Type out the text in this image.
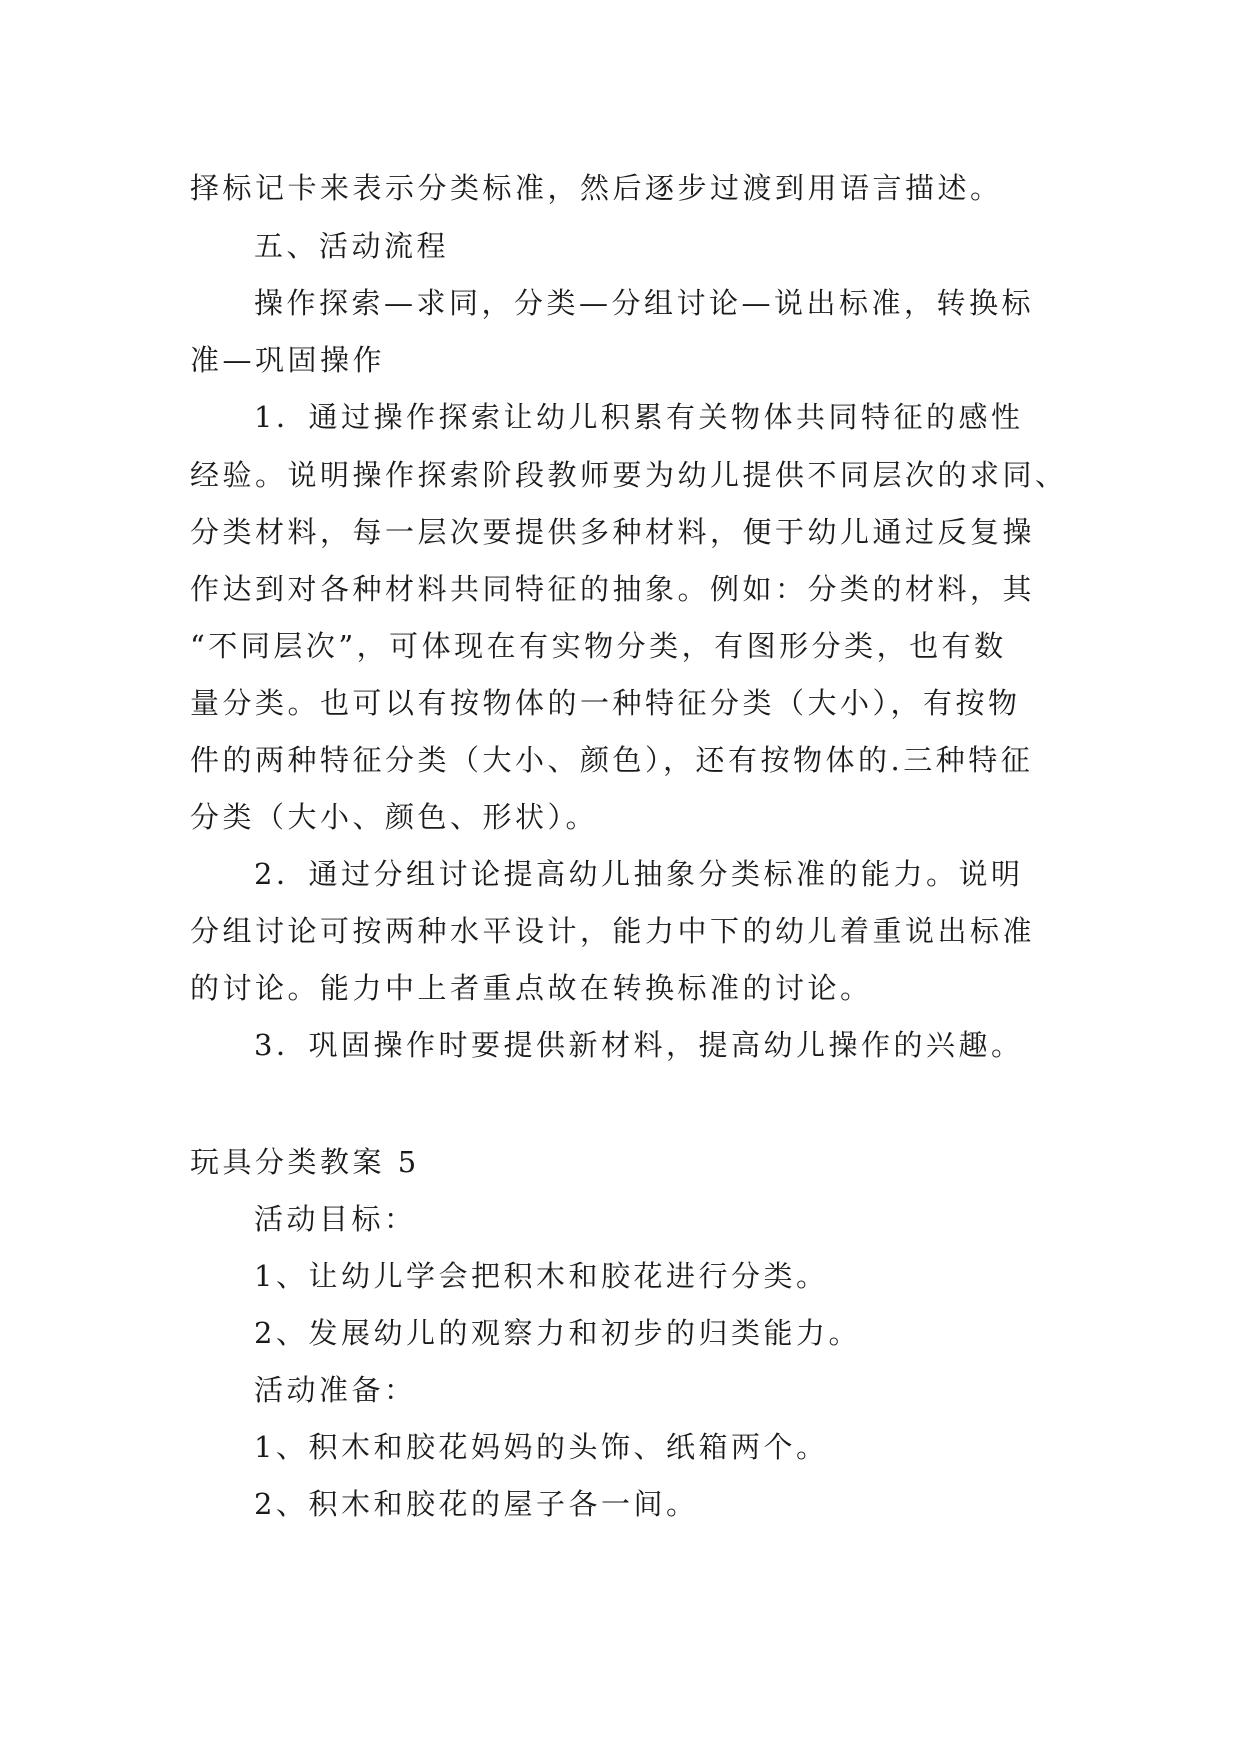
择标记卡来表示分类标准，然后逐步过渡到用语言描述。

五、活动流程

操作探索—求同，分类—分组讨论—说出标准，转换标

准—巩固操作

1．通过操作探索让幼儿积累有关物体共同特征的感性

经验。说明操作探索阶段教师要为幼儿提供不同层次的求同、

分类材料，每一层次要提供多种材料，便于幼儿通过反复操

作达到对各种材料共同特征的抽象。例如：分类的材料，其

“不同层次”，可体现在有实物分类，有图形分类，也有数

量分类。也可以有按物体的一种特征分类（大小），有按物

件的两种特征分类（大小、颜色），还有按物体的.三种特征

分类（大小、颜色、形状）。

2．通过分组讨论提高幼儿抽象分类标准的能力。说明

分组讨论可按两种水平设计，能力中下的幼儿着重说出标准

的讨论。能力中上者重点故在转换标准的讨论。

3．巩固操作时要提供新材料，提高幼儿操作的兴趣。

玩具分类教案 5

活动目标：

1、让幼儿学会把积木和胶花进行分类。

2、发展幼儿的观察力和初步的归类能力。

活动准备：

1、积木和胶花妈妈的头饰、纸箱两个。

2、积木和胶花的屋子各一间。
